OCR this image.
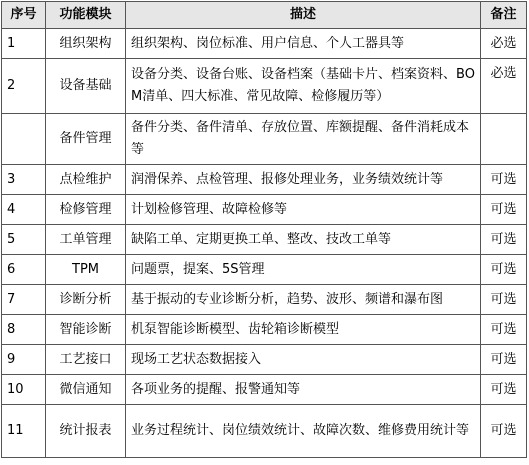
序号	功能模块	描述	备注
1	组织架构	组织架构、岗位标准、用户信息、个人工器具等	必选
2	设备基础	设备分类、设备台账、设备档案（基础卡片、档案资料、BOM清单、四大标准、常见故障、检修履历等）	必选
	备件管理	备件分类、备件清单、存放位置、库额提醒、备件消耗成本等	
3	点检维护	润滑保养、点检管理、报修处理业务，业务绩效统计等	可选
4	检修管理	计划检修管理、故障检修等	可选
5	工单管理	缺陷工单、定期更换工单、整改、技改工单等	可选
6	TPM	问题票，提案、5S管理	可选
7	诊断分析	基于振动的专业诊断分析，趋势、波形、频谱和瀑布图	可选
8	智能诊断	机泵智能诊断模型、齿轮箱诊断模型	可选
9	工艺接口	现场工艺状态数据接入	可选
10	微信通知	各项业务的提醒、报警通知等	可选
11	统计报表	业务过程统计、岗位绩效统计、故障次数、维修费用统计等	可选
